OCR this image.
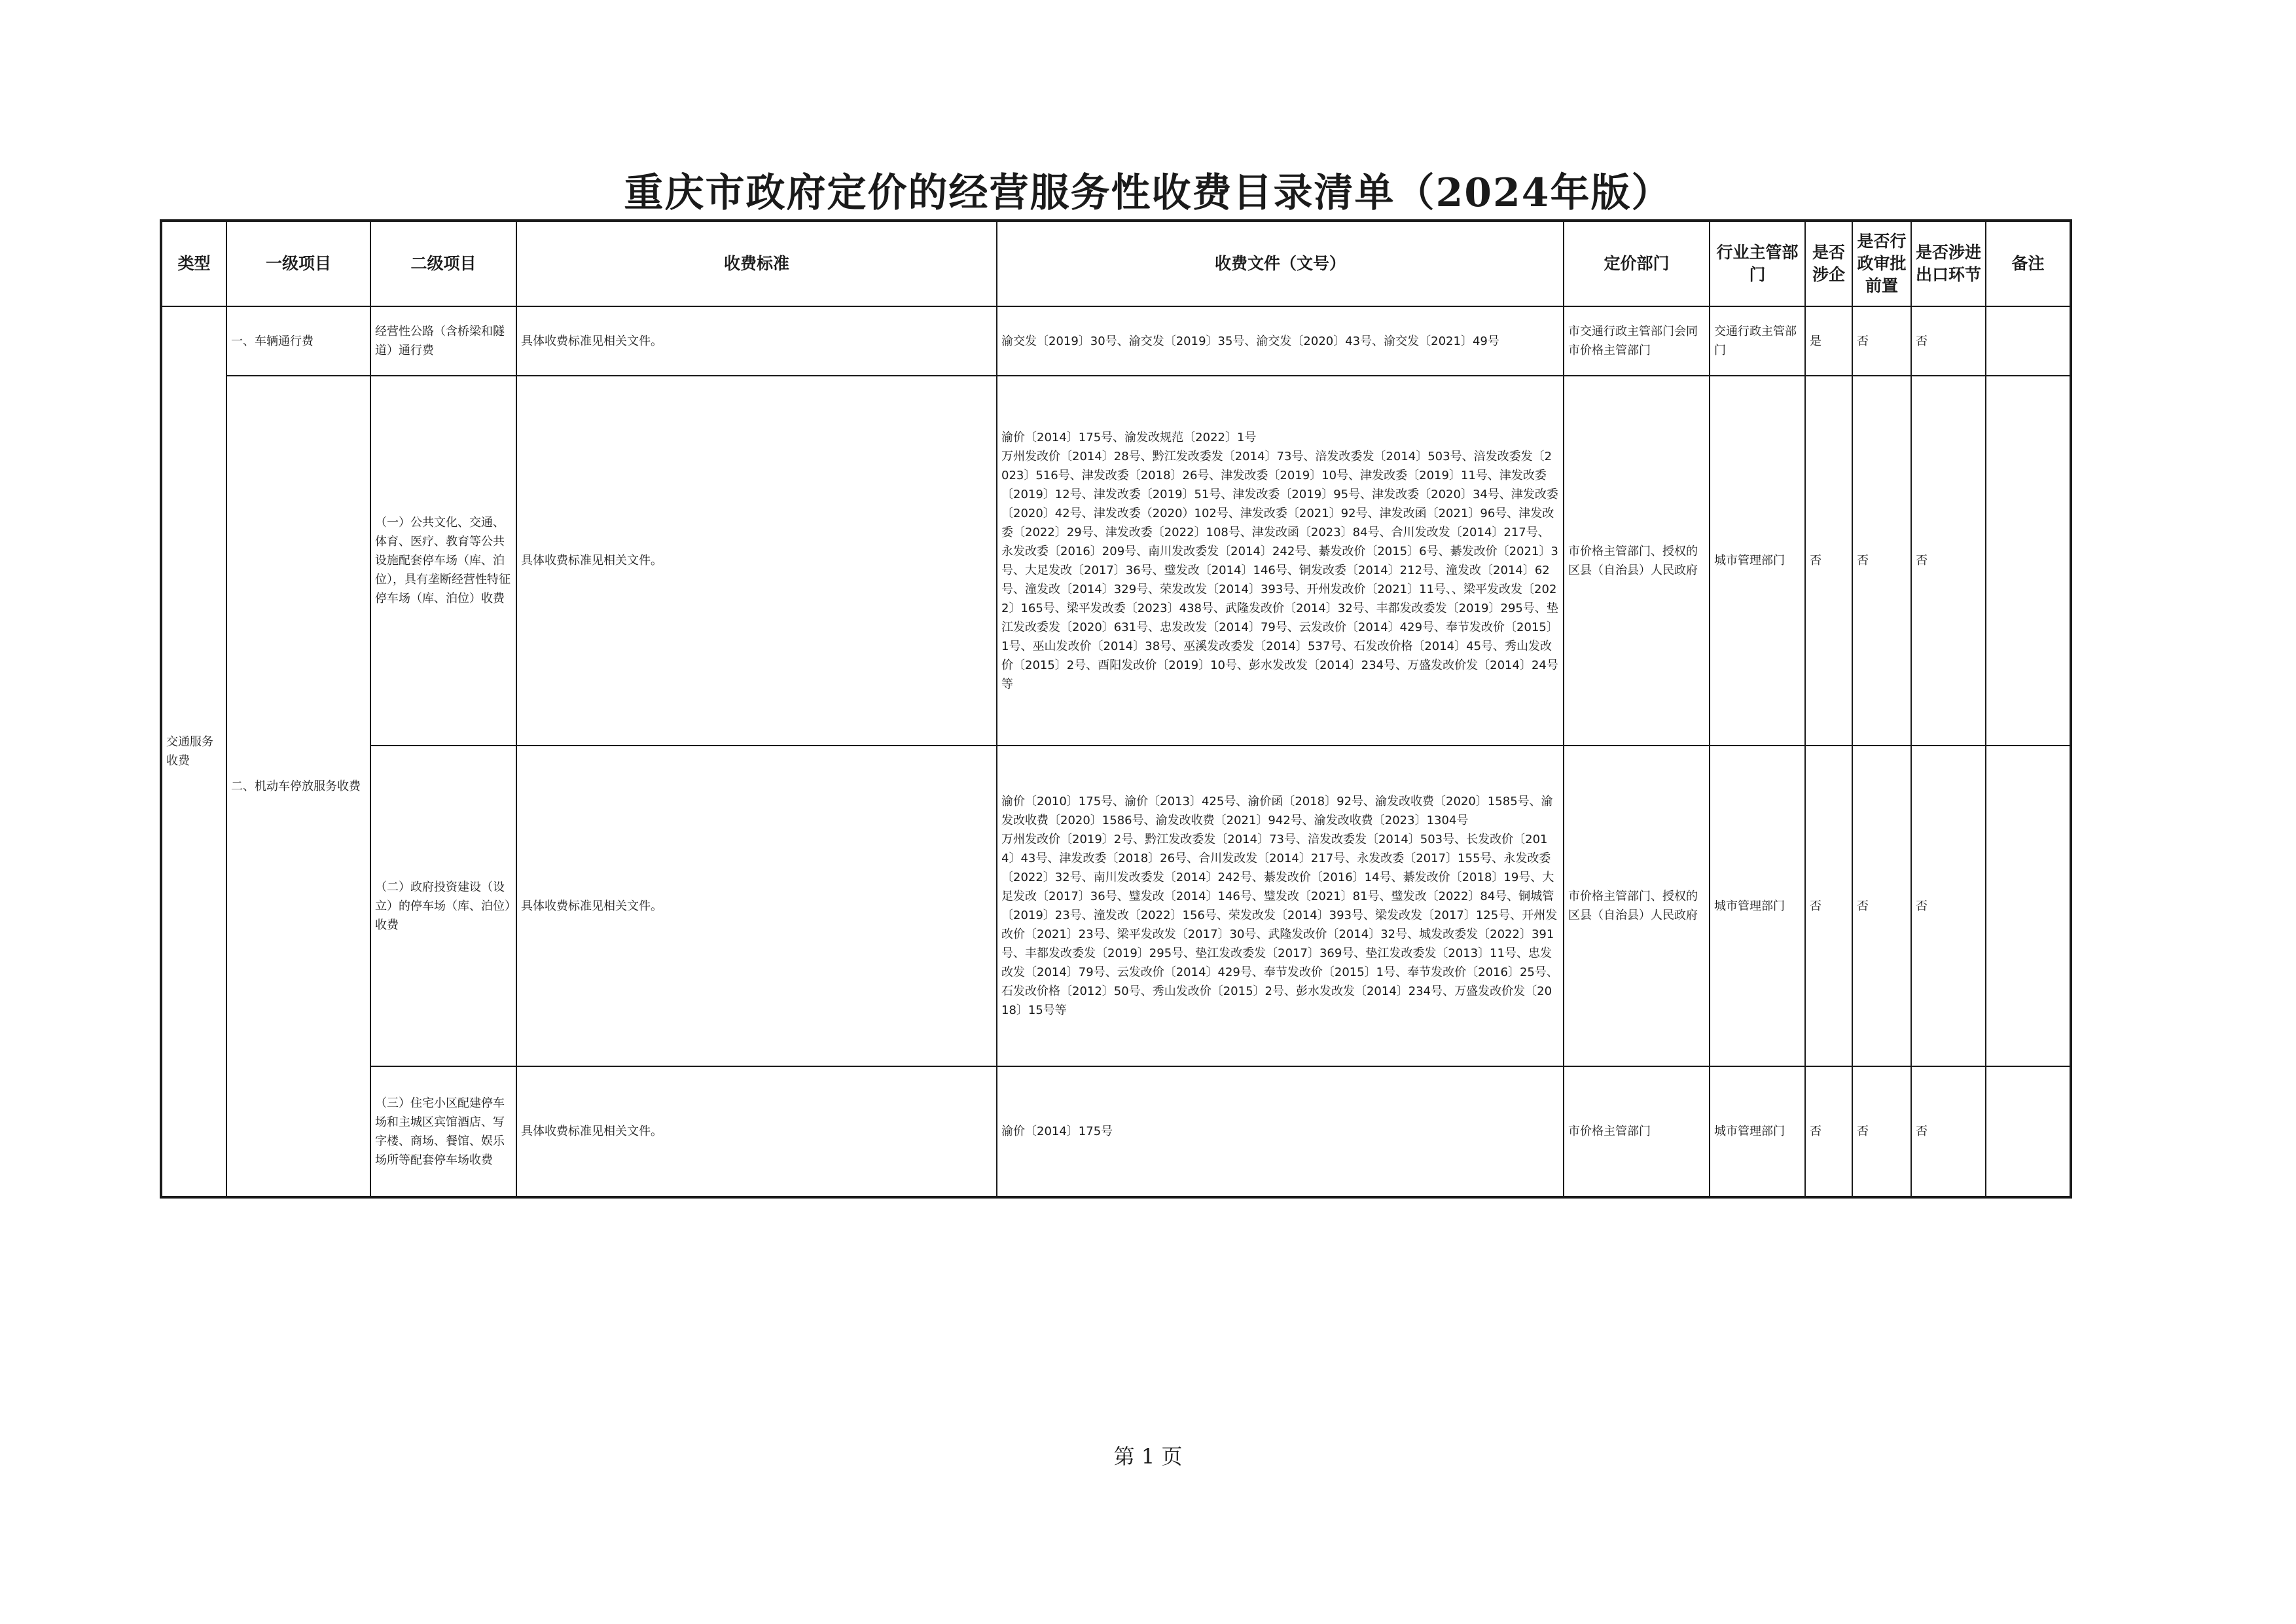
重庆市政府定价的经营服务性收费目录清单（2024年版）
类型	一级项目	二级项目	收费标准	收费文件（文号）	定价部门	行业主管部门	是否涉企	是否行政审批前置	是否涉进出口环节	备注
交通服务收费	一、车辆通行费	经营性公路（含桥梁和隧道）通行费	具体收费标准见相关文件。	渝交发〔2019〕30号、渝交发〔2019〕35号、渝交发〔2020〕43号、渝交发〔2021〕49号	市交通行政主管部门会同市价格主管部门	交通行政主管部门	是	否	否	
	二、机动车停放服务收费	（一）公共文化、交通、体育、医疗、教育等公共设施配套停车场（库、泊位），具有垄断经营性特征停车场（库、泊位）收费	具体收费标准见相关文件。	渝价〔2014〕175号、渝发改规范〔2022〕1号
万州发改价〔2014〕28号、黔江发改委发〔2014〕73号、涪发改委发〔2014〕503号、涪发改委发〔2023〕516号、津发改委〔2018〕26号、津发改委〔2019〕10号、津发改委〔2019〕11号、津发改委〔2019〕12号、津发改委〔2019〕51号、津发改委〔2019〕95号、津发改委〔2020〕34号、津发改委〔2020〕42号、津发改委（2020）102号、津发改委〔2021〕92号、津发改函〔2021〕96号、津发改委〔2022〕29号、津发改委〔2022〕108号、津发改函〔2023〕84号、合川发改发〔2014〕217号、永发改委〔2016〕209号、南川发改委发〔2014〕242号、綦发改价〔2015〕6号、綦发改价〔2021〕3号、大足发改〔2017〕36号、璧发改〔2014〕146号、铜发改委〔2014〕212号、潼发改〔2014〕62号、潼发改〔2014〕329号、荣发改发〔2014〕393号、开州发改价〔2021〕11号、、梁平发改发〔2022〕165号、梁平发改委〔2023〕438号、武隆发改价〔2014〕32号、丰都发改委发〔2019〕295号、垫江发改委发〔2020〕631号、忠发改发〔2014〕79号、云发改价〔2014〕429号、奉节发改价〔2015〕1号、巫山发改价〔2014〕38号、巫溪发改委发〔2014〕537号、石发改价格〔2014〕45号、秀山发改价〔2015〕2号、酉阳发改价〔2019〕10号、彭水发改发〔2014〕234号、万盛发改价发〔2014〕24号等	市价格主管部门、授权的区县（自治县）人民政府	城市管理部门	否	否	否	
		（二）政府投资建设（设立）的停车场（库、泊位）收费	具体收费标准见相关文件。	渝价〔2010〕175号、渝价〔2013〕425号、渝价函〔2018〕92号、渝发改收费〔2020〕1585号、渝发改收费〔2020〕1586号、渝发改收费〔2021〕942号、渝发改收费〔2023〕1304号
万州发改价〔2019〕2号、黔江发改委发〔2014〕73号、涪发改委发〔2014〕503号、长发改价〔2014〕43号、津发改委〔2018〕26号、合川发改发〔2014〕217号、永发改委〔2017〕155号、永发改委〔2022〕32号、南川发改委发〔2014〕242号、綦发改价〔2016〕14号、綦发改价〔2018〕19号、大足发改〔2017〕36号、璧发改〔2014〕146号、璧发改〔2021〕81号、璧发改〔2022〕84号、铜城管〔2019〕23号、潼发改〔2022〕156号、荣发改发〔2014〕393号、梁发改发〔2017〕125号、开州发改价〔2021〕23号、梁平发改发〔2017〕30号、武隆发改价〔2014〕32号、城发改委发〔2022〕391号、丰都发改委发〔2019〕295号、垫江发改委发〔2017〕369号、垫江发改委发〔2013〕11号、忠发改发〔2014〕79号、云发改价〔2014〕429号、奉节发改价〔2015〕1号、奉节发改价〔2016〕25号、石发改价格〔2012〕50号、秀山发改价〔2015〕2号、彭水发改发〔2014〕234号、万盛发改价发〔2018〕15号等	市价格主管部门、授权的区县（自治县）人民政府	城市管理部门	否	否	否	
		（三）住宅小区配建停车场和主城区宾馆酒店、写字楼、商场、餐馆、娱乐场所等配套停车场收费	具体收费标准见相关文件。	渝价〔2014〕175号	市价格主管部门	城市管理部门	否	否	否	
第 1 页
